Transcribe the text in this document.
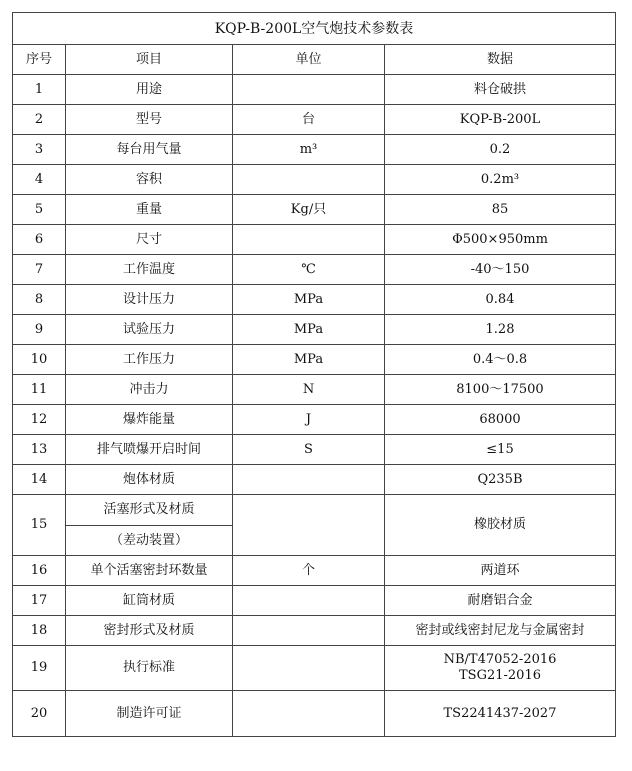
KQP-B-200L空气炮技术参数表			
序号	项目	单位	数据
1	用途		料仓破拱
2	型号	台	KQP-B-200L
3	每台用气量	m³	0.2
4	容积		0.2m³
5	重量	Kg/只	85
6	尺寸		Φ500×950mm
7	工作温度	℃	-40～150
8	设计压力	MPa	0.84
9	试验压力	MPa	1.28
10	工作压力	MPa	0.4～0.8
11	冲击力	N	8100～17500
12	爆炸能量	J	68000
13	排气喷爆开启时间	S	≤15
14	炮体材质		Q235B
15	活塞形式及材质		橡胶材质
	（差动装置）		
16	单个活塞密封环数量	个	两道环
17	缸筒材质		耐磨铝合金
18	密封形式及材质		密封或线密封尼龙与金属密封
19	执行标准		NB/T47052-2016
TSG21-2016

20	制造许可证		TS2241437-2027
